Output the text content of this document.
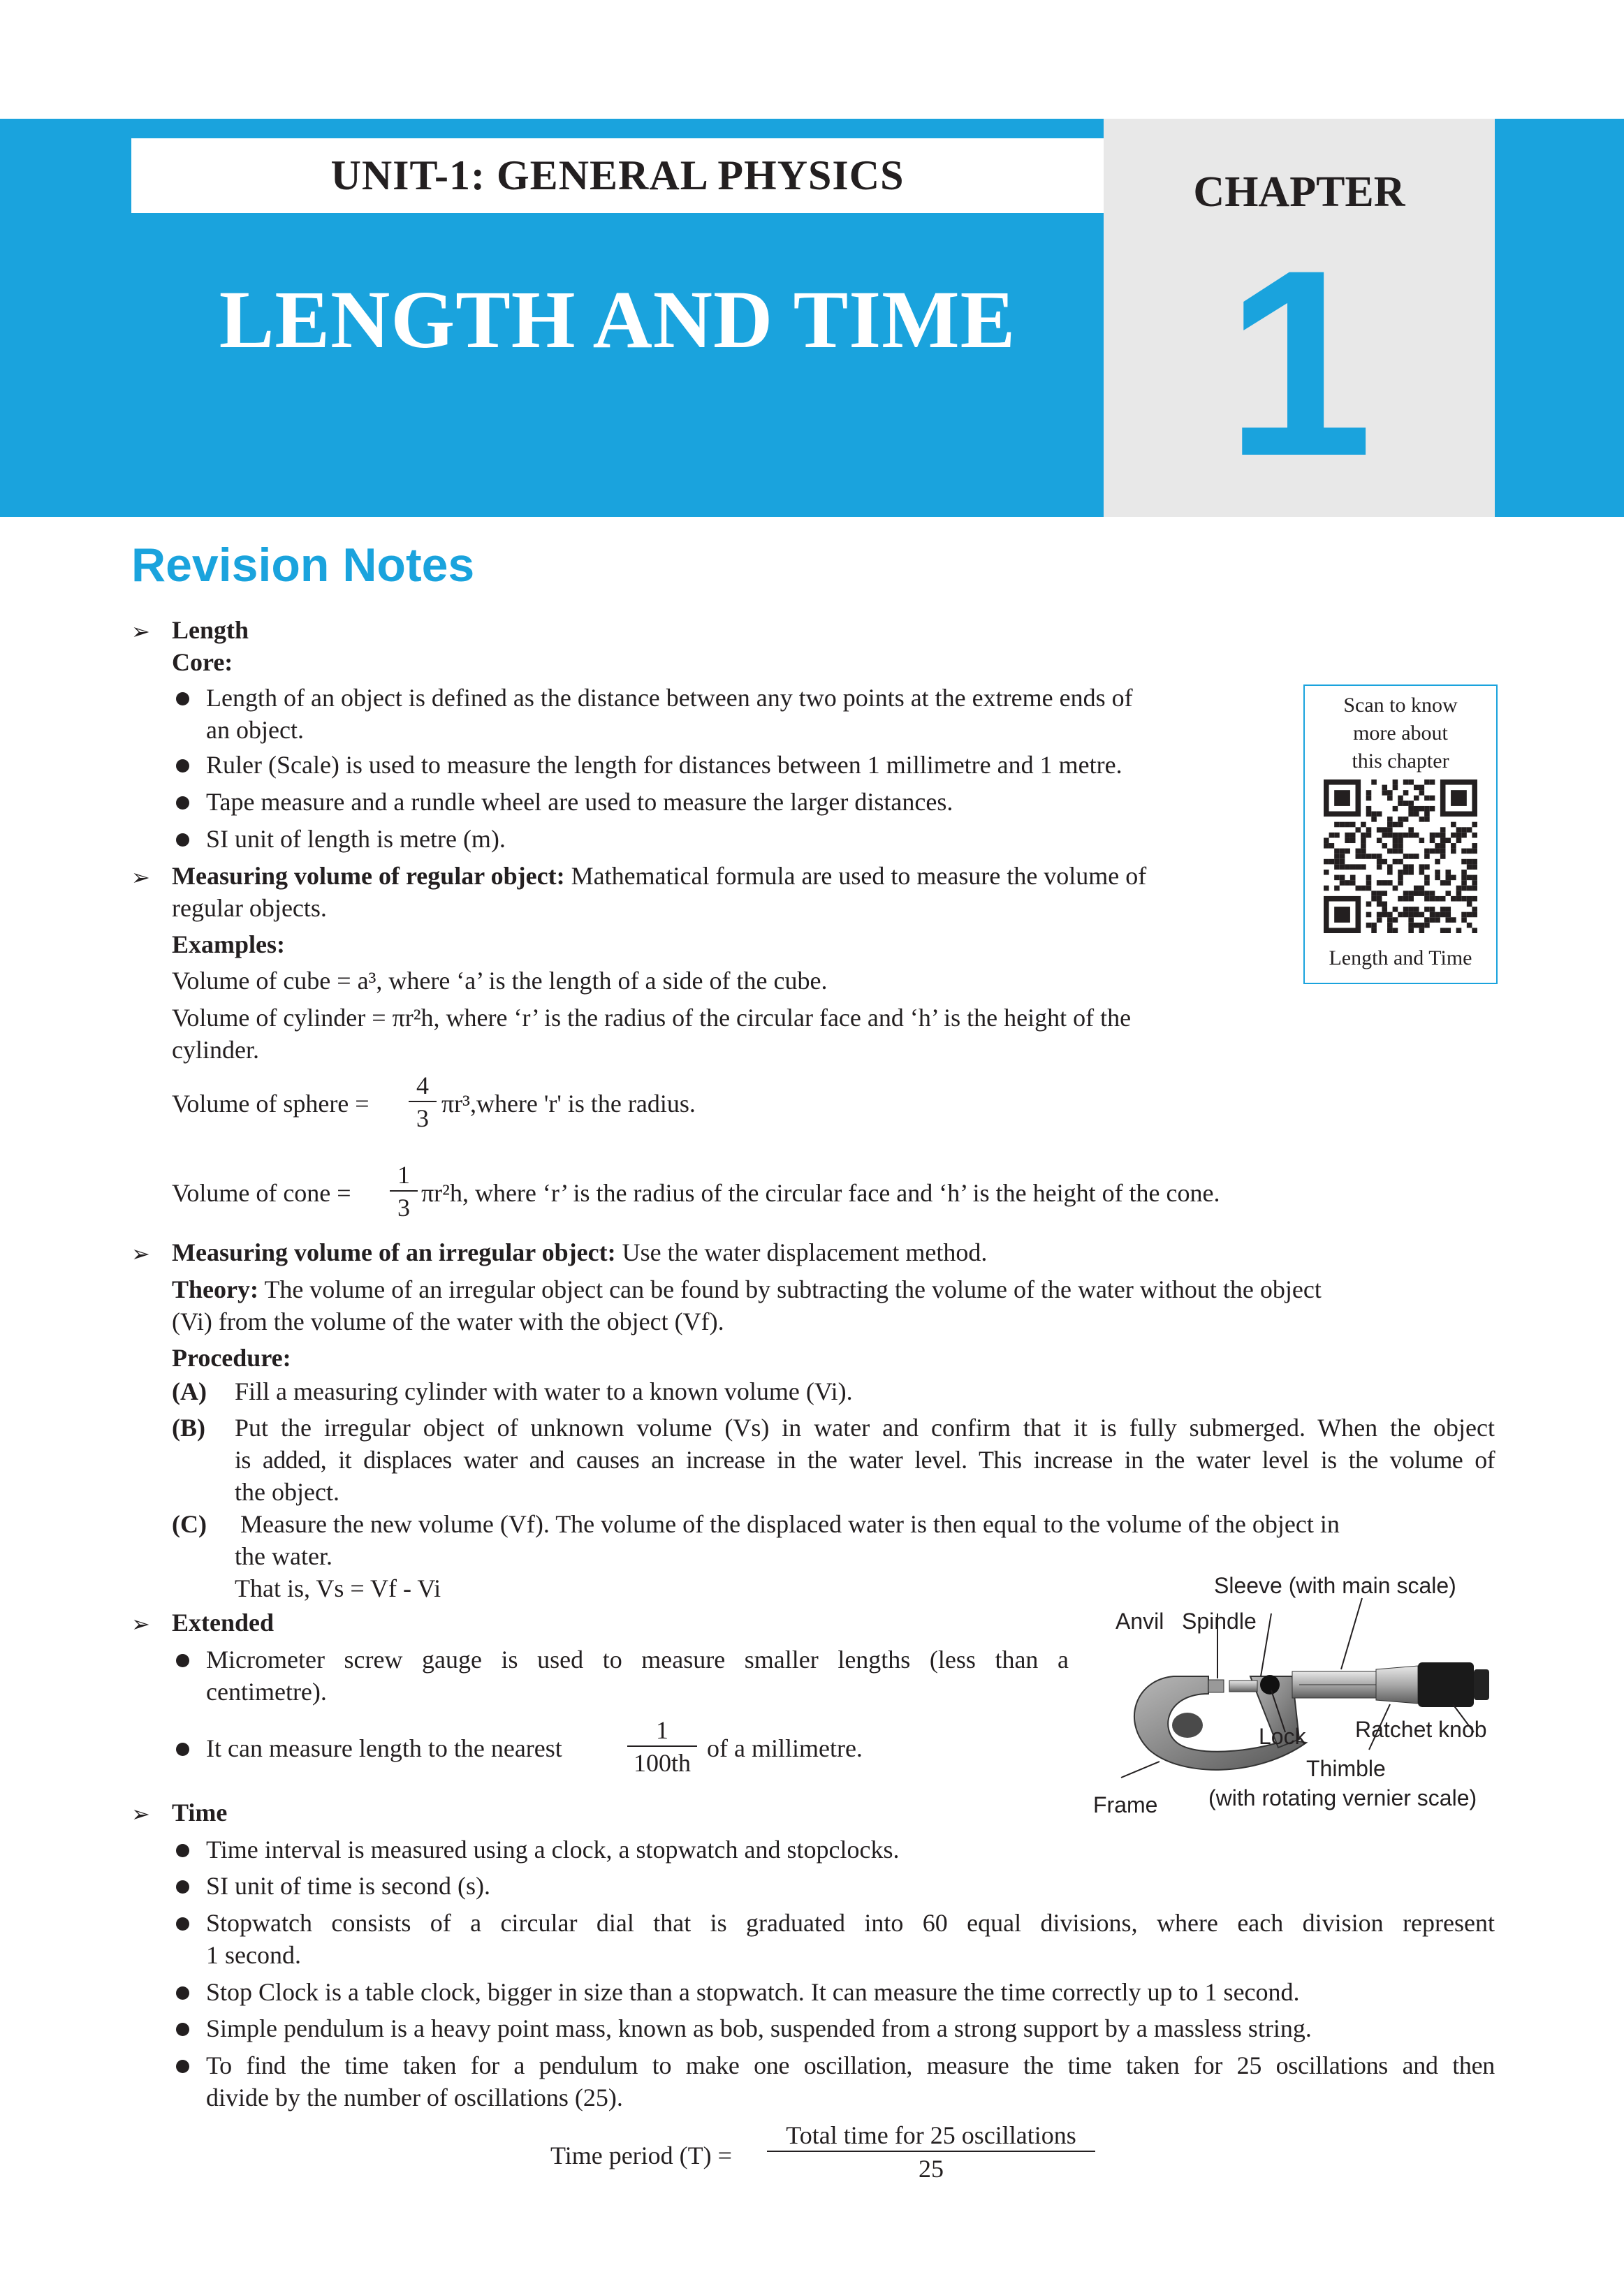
UNIT-1: GENERAL PHYSICS
LENGTH AND TIME
CHAPTER
1
Revision Notes
➢ Length
Core:
Length of an object is defined as the distance between any two points at the extreme ends of
an object.
Ruler (Scale) is used to measure the length for distances between 1 millimetre and 1 metre.
Tape measure and a rundle wheel are used to measure the larger distances.
SI unit of length is metre (m).
➢ Measuring volume of regular object: Mathematical formula are used to measure the volume of
regular objects.
Examples:
Volume of cube = a³, where ‘a’ is the length of a side of the cube.
Volume of cylinder = πr²h, where ‘r’ is the radius of the circular face and ‘h’ is the height of the
cylinder.
Volume of sphere = $\frac{4}{3}$ πr³,where 'r' is the radius.
Volume of cone = $\frac{1}{3} \pi r^2h$, where ‘r’ is the radius of the circular face and ‘h’ is the height of the cone.
➢ Measuring volume of an irregular object: Use the water displacement method.
Theory: The volume of an irregular object can be found by subtracting the volume of the water without the object
(Vi) from the volume of the water with the object (Vf).
Procedure:
(A) Fill a measuring cylinder with water to a known volume (Vi).
(B) Put the irregular object of unknown volume (Vs) in water and confirm that it is fully submerged. When the object
is added, it displaces water and causes an increase in the water level. This increase in the water level is the volume of
the object.
(C) Measure the new volume (Vf). The volume of the displaced water is then equal to the volume of the object in
the water.
That is, Vs = Vf - Vi
➢ Extended
Micrometer screw gauge is used to measure smaller lengths (less than a
centimetre).
It can measure length to the nearest	$\frac{1}{100th}$ of a millimetre.
➢ Time
Time interval is measured using a clock, a stopwatch and stopclocks.
SI unit of time is second (s).
Stopwatch consists of a circular dial that is graduated into 60 equal divisions, where each division represent
1 second.
Stop Clock is a table clock, bigger in size than a stopwatch. It can measure the time correctly up to 1 second.
Simple pendulum is a heavy point mass, known as bob, suspended from a strong support by a massless string.
To find the time taken for a pendulum to make one oscillation, measure the time taken for 25 oscillations and then
divide by the number of oscillations (25).
Time period (T) =
Total time for 25 oscillations
25
Scan to know
more about
this chapter
Length and Time
Sleeve (with main scale)
Anvil Spindle
Lock Ratchet knob
Thimble
(with rotating vernier scale)
Frame
